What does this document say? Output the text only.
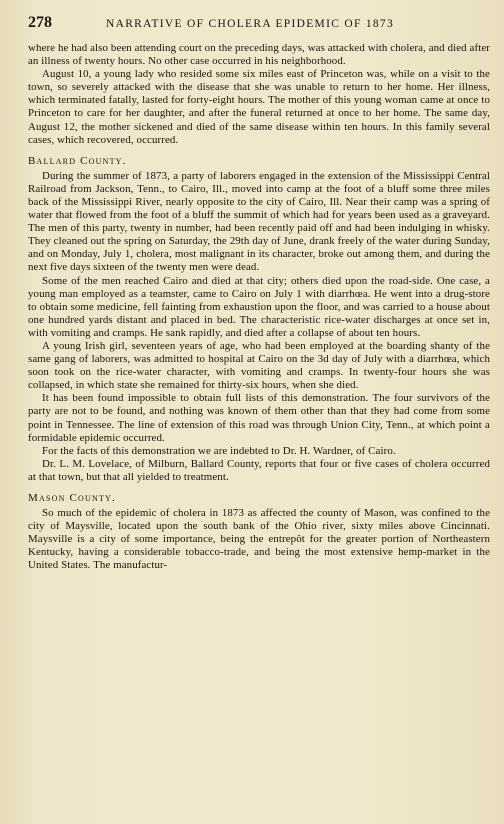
278	NARRATIVE OF CHOLERA EPIDEMIC OF 1873

where he had also been attending court on the preceding days, was attacked with cholera, and died after an illness of twenty hours. No other case occurred in his neighborhood.

August 10, a young lady who resided some six miles east of Princeton was, while on a visit to the town, so severely attacked with the disease that she was unable to return to her home. Her illness, which terminated fatally, lasted for forty-eight hours. The mother of this young woman came at once to Princeton to care for her daughter, and after the funeral returned at once to her home. The same day, August 12, the mother sickened and died of the same disease within ten hours. In this family several cases, which recovered, occurred.

Ballard County.

During the summer of 1873, a party of laborers engaged in the extension of the Mississippi Central Railroad from Jackson, Tenn., to Cairo, Ill., moved into camp at the foot of a bluff some three miles back of the Mississippi River, nearly opposite to the city of Cairo, Ill. Near their camp was a spring of water that flowed from the foot of a bluff the summit of which had for years been used as a graveyard. The men of this party, twenty in number, had been recently paid off and had been indulging in whisky. They cleaned out the spring on Saturday, the 29th day of June, drank freely of the water during Sunday, and on Monday, July 1, cholera, most malignant in its character, broke out among them, and during the next five days sixteen of the twenty men were dead.

Some of the men reached Cairo and died at that city; others died upon the road-side. One case, a young man employed as a teamster, came to Cairo on July 1 with diarrhœa. He went into a drug-store to obtain some medicine, fell fainting from exhaustion upon the floor, and was carried to a house about one hundred yards distant and placed in bed. The characteristic rice-water discharges at once set in, with vomiting and cramps. He sank rapidly, and died after a collapse of about ten hours.

A young Irish girl, seventeen years of age, who had been employed at the boarding shanty of the same gang of laborers, was admitted to hospital at Cairo on the 3d day of July with a diarrhœa, which soon took on the rice-water character, with vomiting and cramps. In twenty-four hours she was collapsed, in which state she remained for thirty-six hours, when she died.

It has been found impossible to obtain full lists of this demonstration. The four survivors of the party are not to be found, and nothing was known of them other than that they had come from some point in Tennessee. The line of extension of this road was through Union City, Tenn., at which point a formidable epidemic occurred.

For the facts of this demonstration we are indebted to Dr. H. Wardner, of Cairo.

Dr. L. M. Lovelace, of Milburn, Ballard County, reports that four or five cases of cholera occurred at that town, but that all yielded to treatment.

Mason County.

So much of the epidemic of cholera in 1873 as affected the county of Mason, was confined to the city of Maysville, located upon the south bank of the Ohio river, sixty miles above Cincinnati. Maysville is a city of some importance, being the entrepôt for the greater portion of Northeastern Kentucky, having a considerable tobacco-trade, and being the most extensive hemp-market in the United States. The manufactur-
